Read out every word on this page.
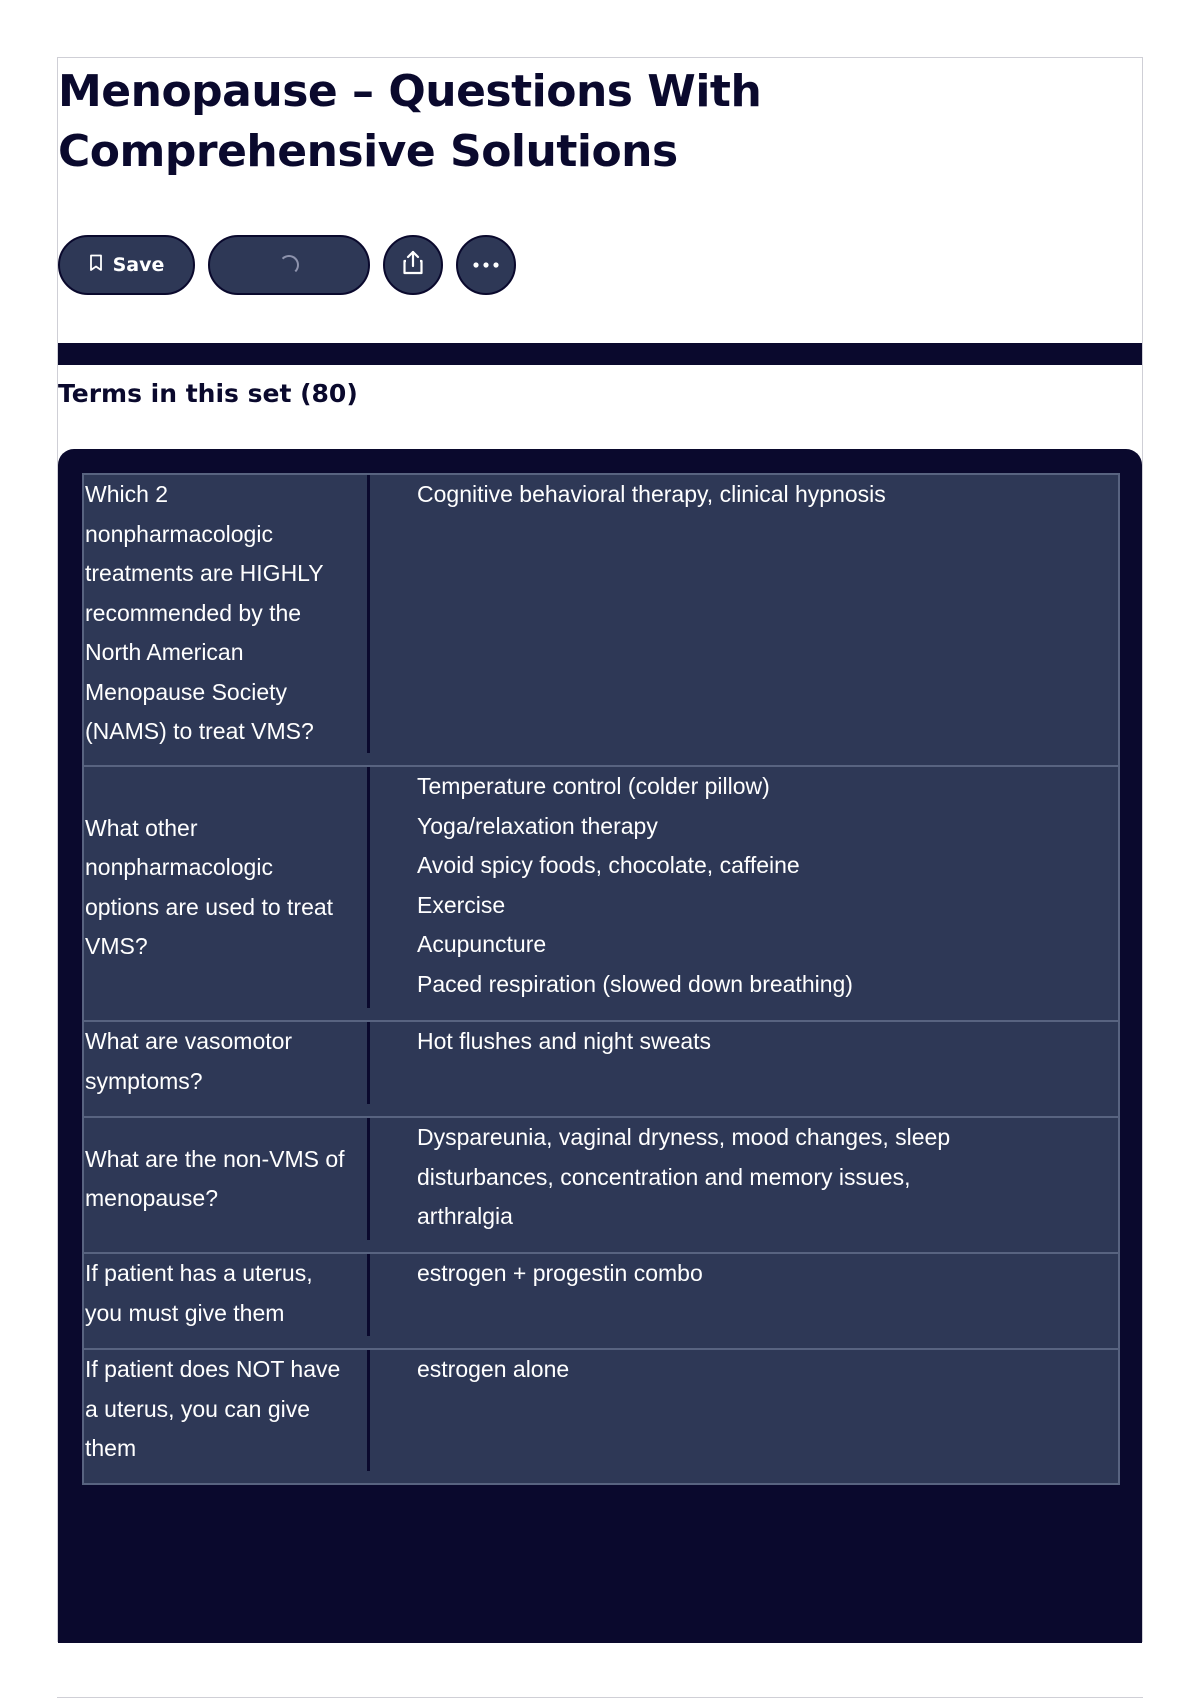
Menopause – Questions With Comprehensive Solutions
Save
Terms in this set (80)
Which 2
nonpharmacologic
treatments are HIGHLY
recommended by the
North American
Menopause Society
(NAMS) to treat VMS?
Cognitive behavioral therapy, clinical hypnosis
What other
nonpharmacologic
options are used to treat
VMS?
Temperature control (colder pillow)
Yoga/relaxation therapy
Avoid spicy foods, chocolate, caffeine
Exercise
Acupuncture
Paced respiration (slowed down breathing)
What are vasomotor
symptoms?
Hot flushes and night sweats
What are the non-VMS of
menopause?
Dyspareunia, vaginal dryness, mood changes, sleep
disturbances, concentration and memory issues,
arthralgia
If patient has a uterus,
you must give them
estrogen + progestin combo
If patient does NOT have
a uterus, you can give
them
estrogen alone
